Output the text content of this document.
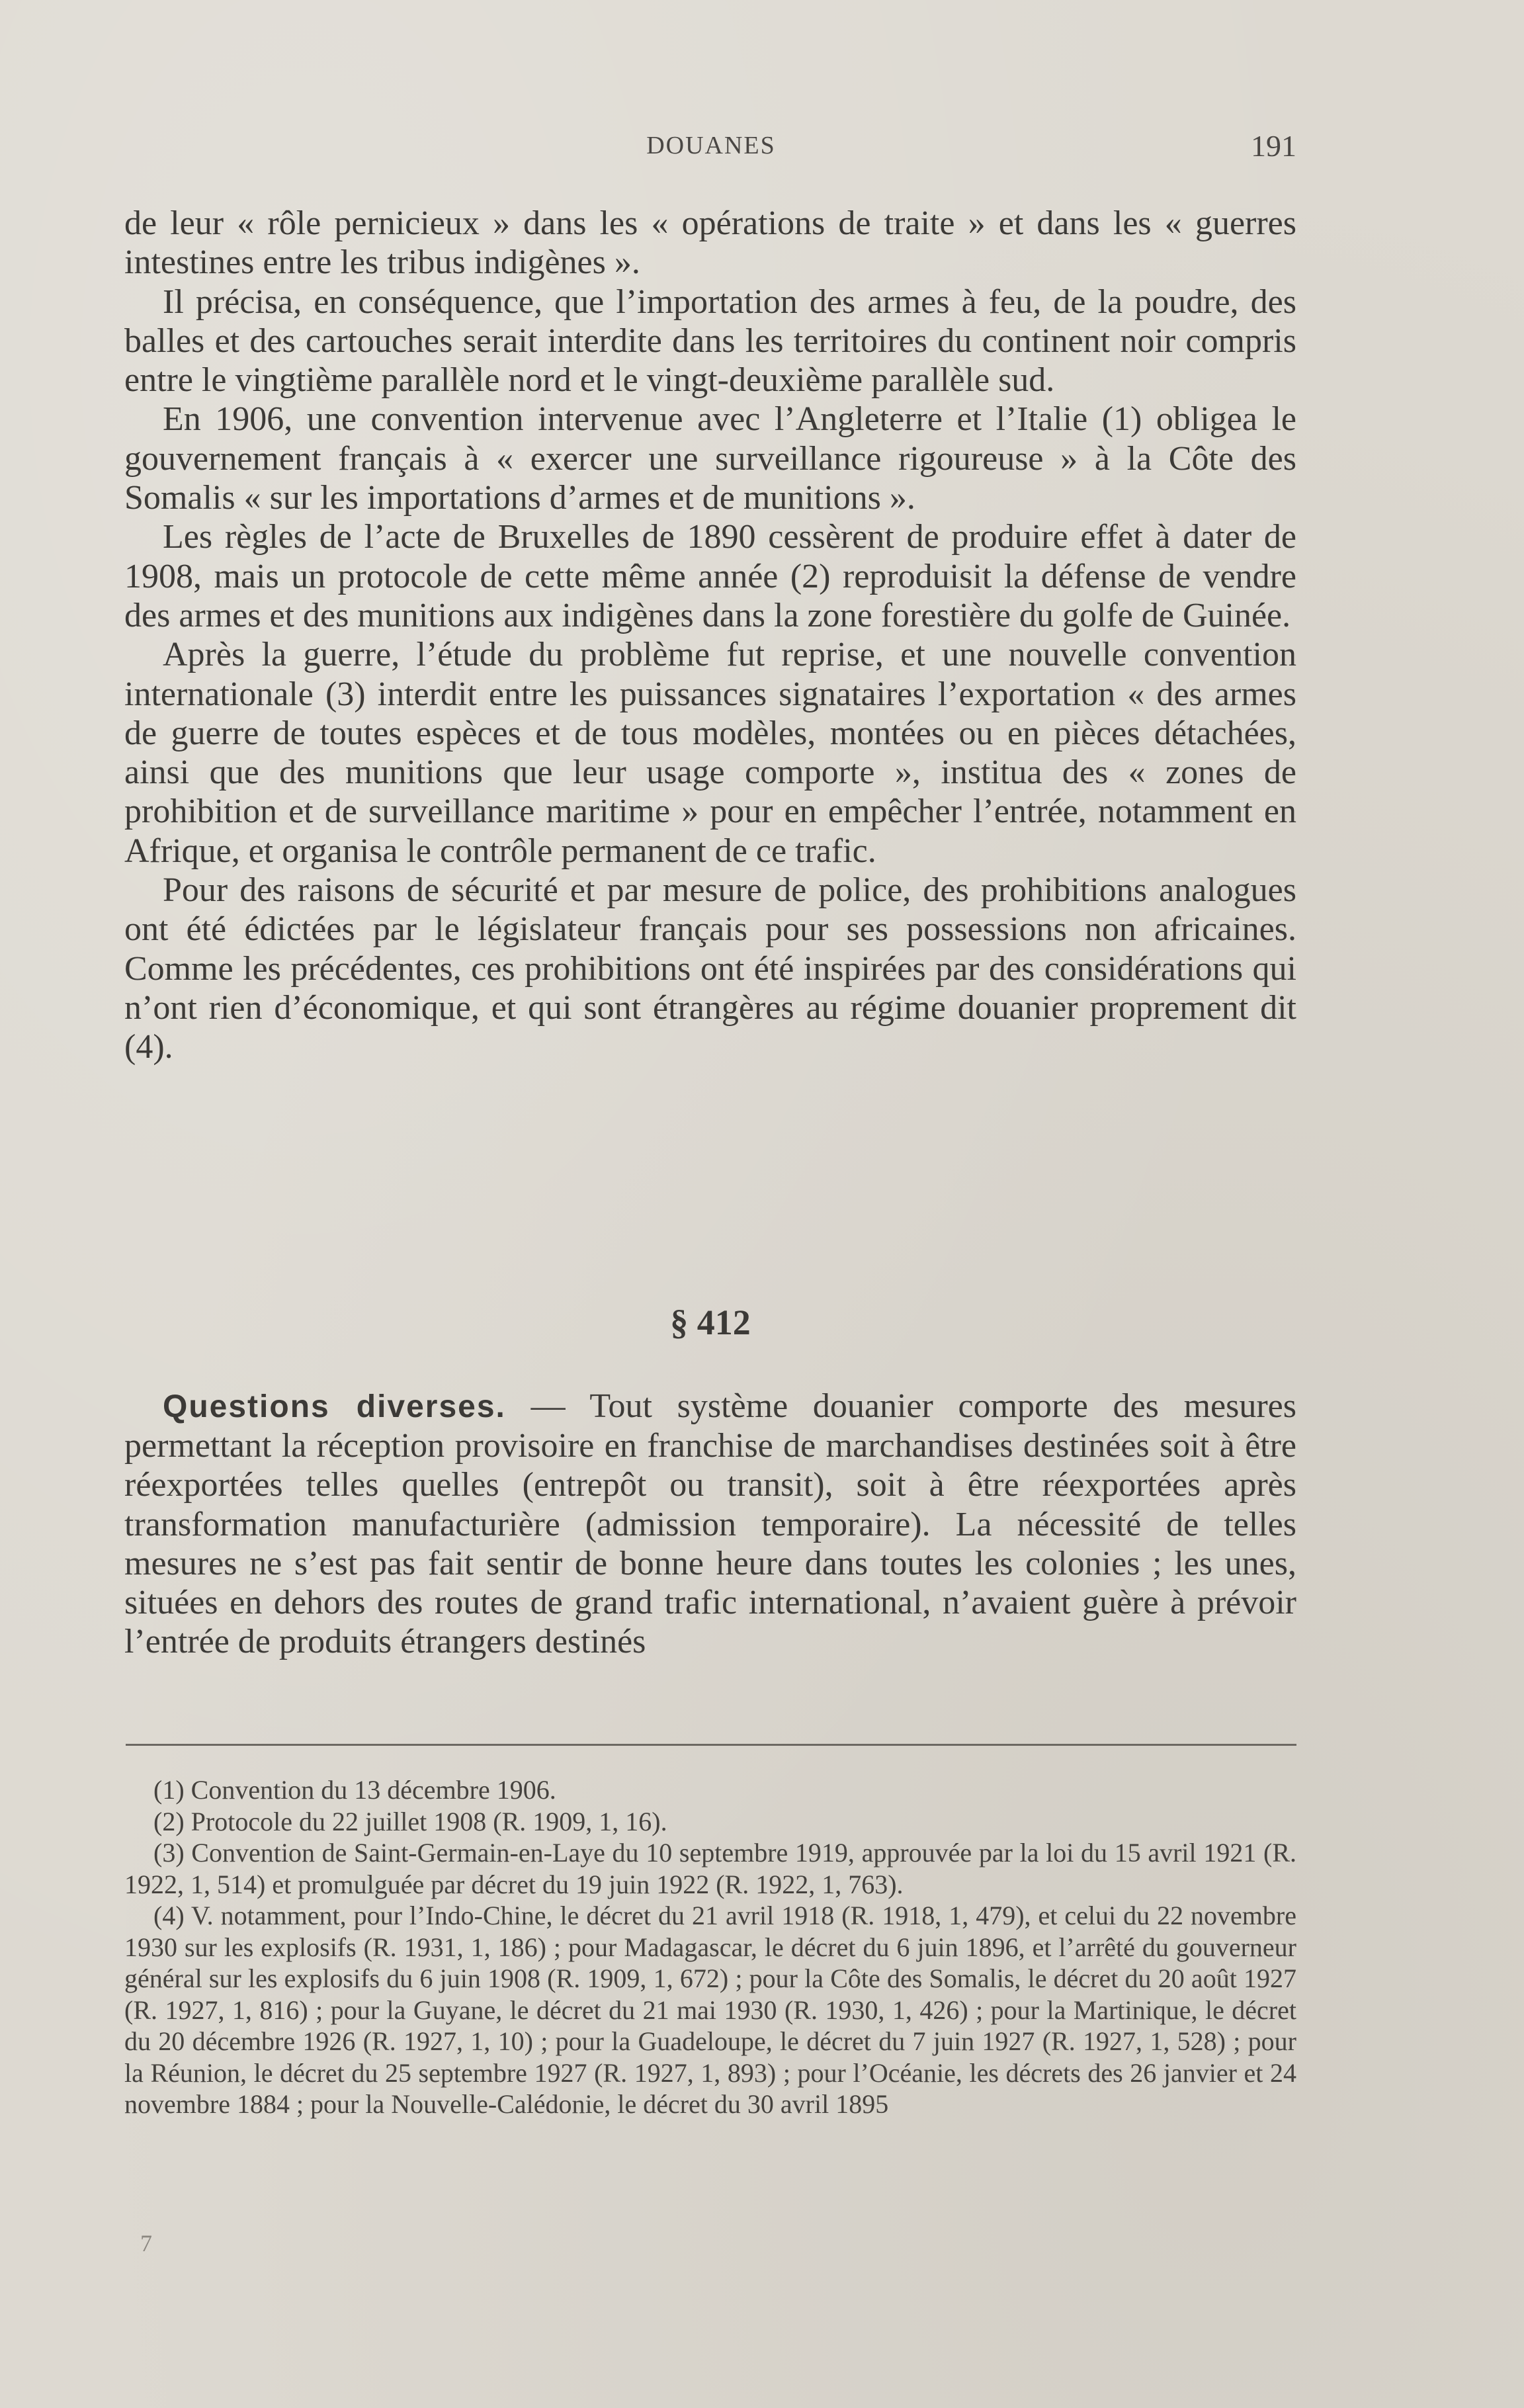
DOUANES	191

de leur « rôle pernicieux » dans les « opérations de traite » et dans les « guerres intestines entre les tribus indigènes ».

Il précisa, en conséquence, que l’importation des armes à feu, de la poudre, des balles et des cartouches serait interdite dans les territoires du continent noir compris entre le vingtième parallèle nord et le vingt-deuxième parallèle sud.

En 1906, une convention intervenue avec l’Angleterre et l’Italie (1) obligea le gouvernement français à « exercer une surveillance rigoureuse » à la Côte des Somalis « sur les importations d’armes et de munitions ».

Les règles de l’acte de Bruxelles de 1890 cessèrent de produire effet à dater de 1908, mais un protocole de cette même année (2) reproduisit la défense de vendre des armes et des munitions aux indigènes dans la zone forestière du golfe de Guinée.

Après la guerre, l’étude du problème fut reprise, et une nouvelle convention internationale (3) interdit entre les puissances signataires l’exportation « des armes de guerre de toutes espèces et de tous modèles, montées ou en pièces détachées, ainsi que des munitions que leur usage comporte », institua des « zones de prohibition et de surveillance maritime » pour en empêcher l’entrée, notamment en Afrique, et organisa le contrôle permanent de ce trafic.

Pour des raisons de sécurité et par mesure de police, des prohibitions analogues ont été édictées par le législateur français pour ses possessions non africaines. Comme les précédentes, ces prohibitions ont été inspirées par des considérations qui n’ont rien d’économique, et qui sont étrangères au régime douanier proprement dit (4).

§ 412

Questions diverses. — Tout système douanier comporte des mesures permettant la réception provisoire en franchise de marchandises destinées soit à être réexportées telles quelles (entrepôt ou transit), soit à être réexportées après transformation manufacturière (admission temporaire). La nécessité de telles mesures ne s’est pas fait sentir de bonne heure dans toutes les colonies ; les unes, situées en dehors des routes de grand trafic international, n’avaient guère à prévoir l’entrée de produits étrangers destinés

(1) Convention du 13 décembre 1906.

(2) Protocole du 22 juillet 1908 (R. 1909, 1, 16).

(3) Convention de Saint-Germain-en-Laye du 10 septembre 1919, approuvée par la loi du 15 avril 1921 (R. 1922, 1, 514) et promulguée par décret du 19 juin 1922 (R. 1922, 1, 763).

(4) V. notamment, pour l’Indo-Chine, le décret du 21 avril 1918 (R. 1918, 1, 479), et celui du 22 novembre 1930 sur les explosifs (R. 1931, 1, 186) ; pour Madagascar, le décret du 6 juin 1896, et l’arrêté du gouverneur général sur les explosifs du 6 juin 1908 (R. 1909, 1, 672) ; pour la Côte des Somalis, le décret du 20 août 1927 (R. 1927, 1, 816) ; pour la Guyane, le décret du 21 mai 1930 (R. 1930, 1, 426) ; pour la Martinique, le décret du 20 décembre 1926 (R. 1927, 1, 10) ; pour la Guadeloupe, le décret du 7 juin 1927 (R. 1927, 1, 528) ; pour la Réunion, le décret du 25 septembre 1927 (R. 1927, 1, 893) ; pour l’Océanie, les décrets des 26 janvier et 24 novembre 1884 ; pour la Nouvelle-Calédonie, le décret du 30 avril 1895

7
